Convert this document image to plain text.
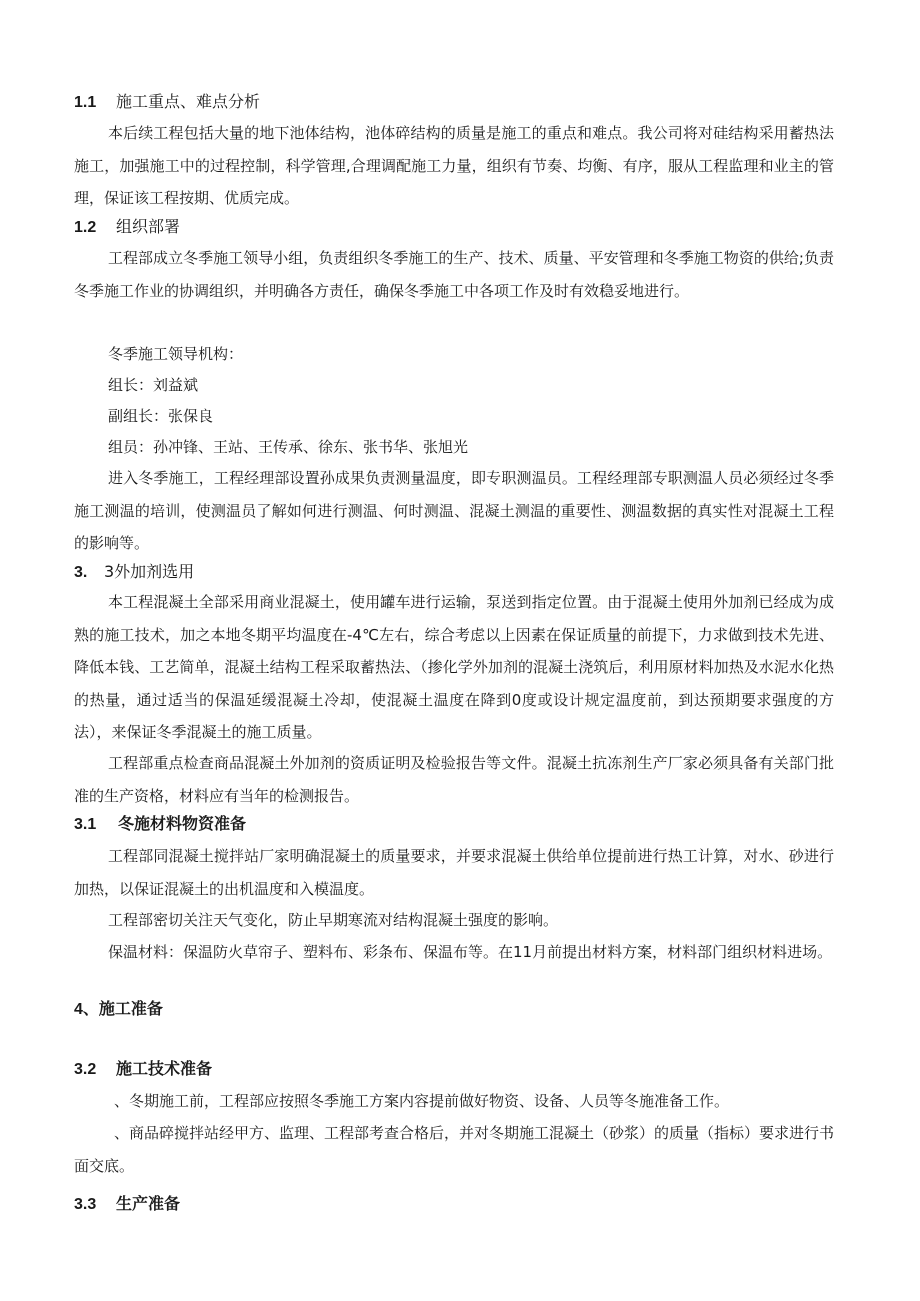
1.1 施工重点、难点分析

本后续工程包括大量的地下池体结构，池体碎结构的质量是施工的重点和难点。我公司将对硅结构采用蓄热法施工，加强施工中的过程控制，科学管理,合理调配施工力量，组织有节奏、均衡、有序，服从工程监理和业主的管理，保证该工程按期、优质完成。

1.2 组织部署

工程部成立冬季施工领导小组，负责组织冬季施工的生产、技术、质量、平安管理和冬季施工物资的供给;负责冬季施工作业的协调组织，并明确各方责任，确保冬季施工中各项工作及时有效稳妥地进行。

冬季施工领导机构：

组长：刘益斌

副组长：张保良

组员：孙冲锋、王站、王传承、徐东、张书华、张旭光

进入冬季施工，工程经理部设置孙成果负责测量温度，即专职测温员。工程经理部专职测温人员必须经过冬季施工测温的培训，使测温员了解如何进行测温、何时测温、混凝土测温的重要性、测温数据的真实性对混凝土工程的影响等。

3. 3外加剂选用

本工程混凝土全部采用商业混凝土，使用罐车进行运输，泵送到指定位置。由于混凝土使用外加剂已经成为成熟的施工技术，加之本地冬期平均温度在-4℃左右，综合考虑以上因素在保证质量的前提下，力求做到技术先进、降低本钱、工艺简单，混凝土结构工程采取蓄热法、（掺化学外加剂的混凝土浇筑后，利用原材料加热及水泥水化热的热量，通过适当的保温延缓混凝土冷却，使混凝土温度在降到0度或设计规定温度前，到达预期要求强度的方法），来保证冬季混凝土的施工质量。

工程部重点检查商品混凝土外加剂的资质证明及检验报告等文件。混凝土抗冻剂生产厂家必须具备有关部门批准的生产资格，材料应有当年的检测报告。

3.1 冬施材料物资准备

工程部同混凝土搅拌站厂家明确混凝土的质量要求，并要求混凝土供给单位提前进行热工计算，对水、砂进行加热，以保证混凝土的出机温度和入模温度。

工程部密切关注天气变化，防止早期寒流对结构混凝土强度的影响。

保温材料：保温防火草帘子、塑料布、彩条布、保温布等。在11月前提出材料方案，材料部门组织材料进场。

4、施工准备
3.2 施工技术准备

、冬期施工前，工程部应按照冬季施工方案内容提前做好物资、设备、人员等冬施准备工作。

、商品碎搅拌站经甲方、监理、工程部考查合格后，并对冬期施工混凝土（砂浆）的质量（指标）要求进行书面交底。

3.3 生产准备
